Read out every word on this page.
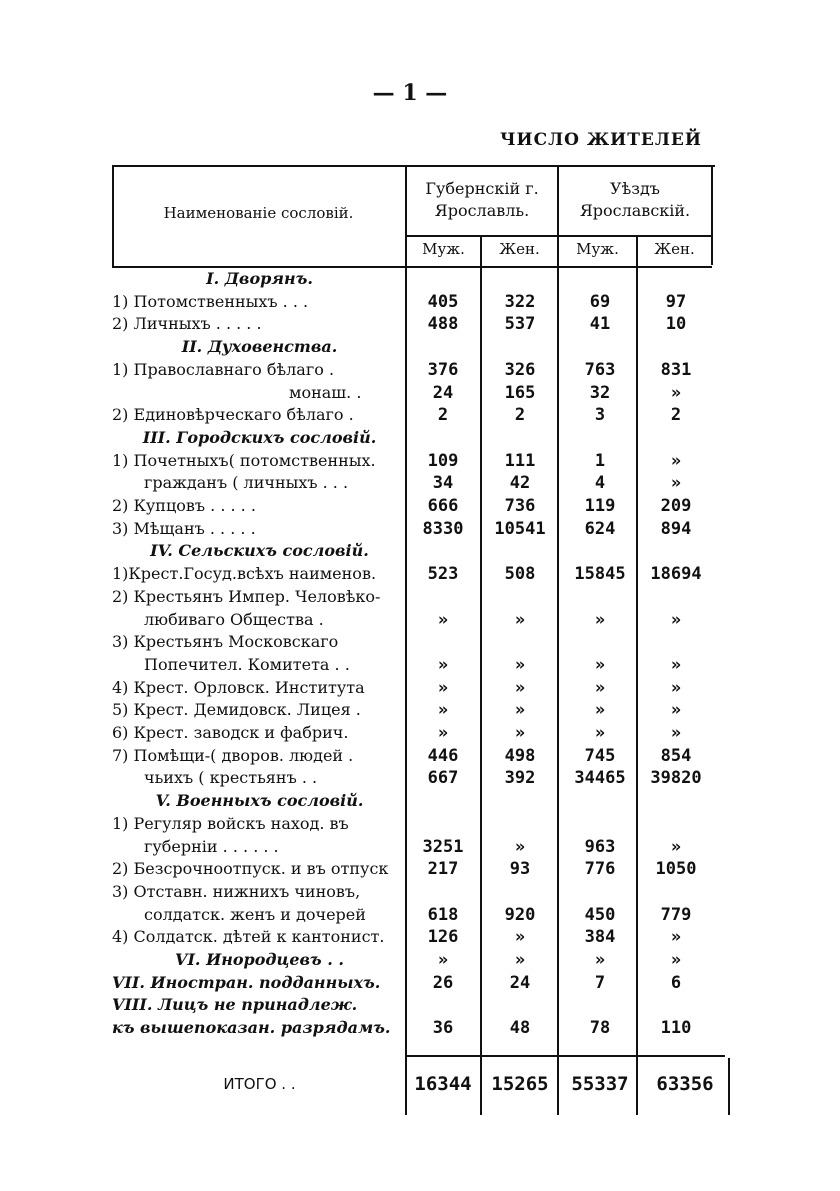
— 1 —
ЧИСЛО ЖИТЕЛЕЙ
Наименованіе сословій.
Губернскій г. Ярославль.
Уѣздъ Ярославскій.
Муж.	Жен.	Муж.	Жен.
I. Дворянъ.
1) Потомственныхъ . . .	405	322	69	97
2) Личныхъ . . . . .	488	537	41	10
II. Духовенства.
1) Православнаго бѣлаго .	376	326	763	831
монаш. .	24	165	32	»
2) Единовѣрческаго бѣлаго .	2	2	3	2
III. Городскихъ сословій.
1) Почетныхъ( потомственных.	109	111	1	»
гражданъ ( личныхъ . . .	34	42	4	»
2) Купцовъ . . . . .	666	736	119	209
3) Мѣщанъ . . . . .	8330	10541	624	894
IV. Сельскихъ сословій.
1)Крест.Госуд.всѣхъ наименов.	523	508	15845	18694
2) Крестьянъ Импер. Человѣко-
любиваго Общества .	»	»	»	»
3) Крестьянъ Московскаго
Попечител. Комитета . .	»	»	»	»
4) Крест. Орловск. Института	»	»	»	»
5) Крест. Демидовск. Лицея .	»	»	»	»
6) Крест. заводск и фабрич.	»	»	»	»
7) Помѣщи-( дворов. людей .	446	498	745	854
чьихъ ( крестьянъ . .	667	392	34465	39820
V. Военныхъ сословій.
1) Регуляр войскъ наход. въ
губерніи . . . . . .	3251	»	963	»
2) Безсрочноотпуск. и въ отпуск	217	93	776	1050
3) Отставн. нижнихъ чиновъ,
солдатск. женъ и дочерей	618	920	450	779
4) Солдатск. дѣтей к кантонист.	126	»	384	»
VI. Инородцевъ . .	»	»	»	»
VII. Иностран. подданныхъ.	26	24	7	6
VIII. Лицъ не принадлеж.
къ вышепоказан. разрядамъ.	36	48	78	110
ИТОГО . .	16344	15265	55337	63356
